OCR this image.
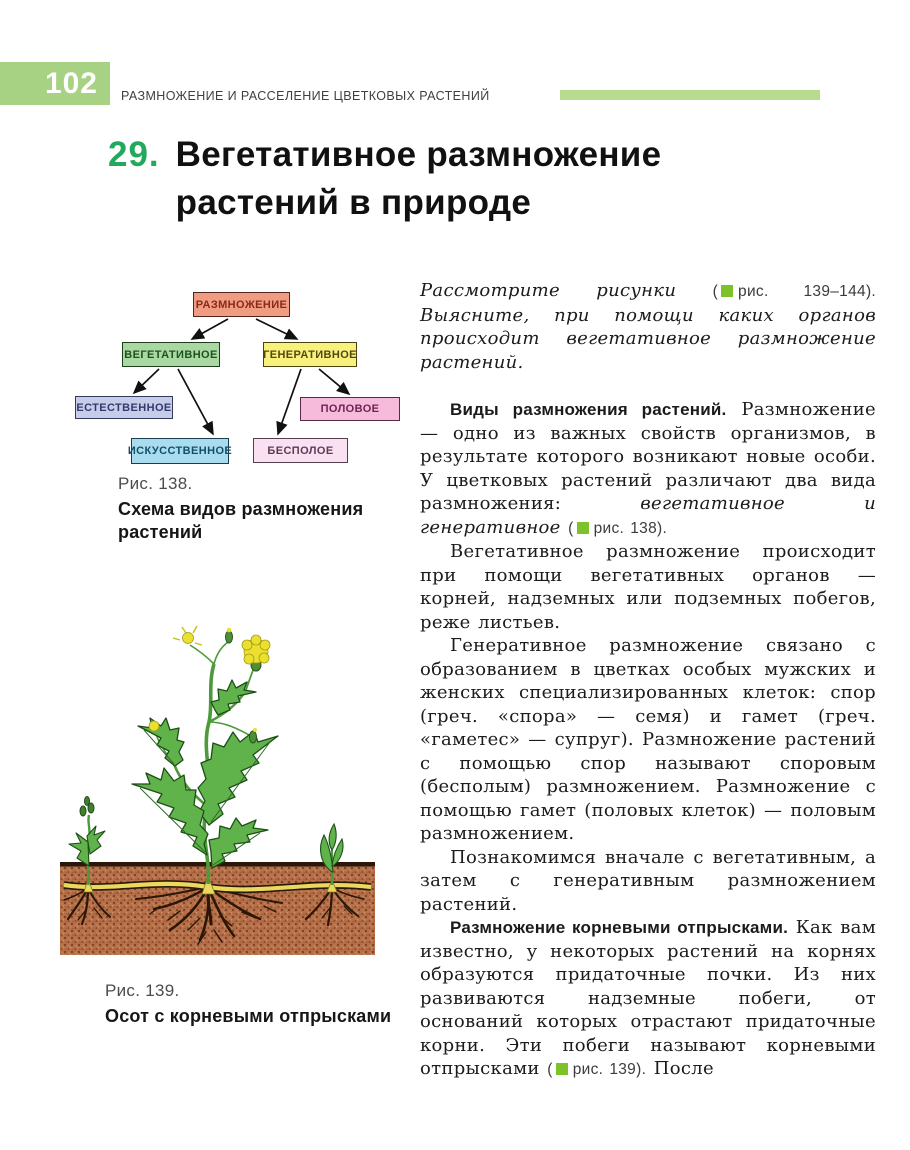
102 РАЗМНОЖЕНИЕ И РАССЕЛЕНИЕ ЦВЕТКОВЫХ РАСТЕНИЙ
29. Вегетативное размножение
растений в природе
РАЗМНОЖЕНИЕ
ВЕГЕТАТИВНОЕ	ГЕНЕРАТИВНОЕ
ЕСТЕСТВЕННОЕ	ПОЛОВОЕ
ИСКУССТВЕННОЕ	БЕСПОЛОЕ
Рис. 138.
Схема видов размножения растений
Рис. 139.
Осот с корневыми отпрысками

Рассмотрите рисунки ( рис. 139–144). Выясните, при помощи каких органов происходит вегетативное размножение растений.

Виды размножения растений. Размножение — одно из важных свойств организмов, в результате которого возникают новые особи. У цветковых растений различают два вида размножения: вегетативное и генеративное ( рис. 138).

Вегетативное размножение происходит при помощи вегетативных органов — корней, надземных или подземных побегов, реже листьев.

Генеративное размножение связано с образованием в цветках особых мужских и женских специализированных клеток: спор (греч. «спора» — семя) и гамет (греч. «гаметес» — супруг). Размножение растений с помощью спор называют споровым (бесполым) размножением. Размножение с помощью гамет (половых клеток) — половым размножением.

Познакомимся вначале с вегетативным, а затем с генеративным размножением растений.

Размножение корневыми отпрысками. Как вам известно, у некоторых растений на корнях образуются придаточные почки. Из них развиваются надземные побеги, от оснований которых отрастают придаточные корни. Эти побеги называют корневыми отпрысками ( рис. 139). После
